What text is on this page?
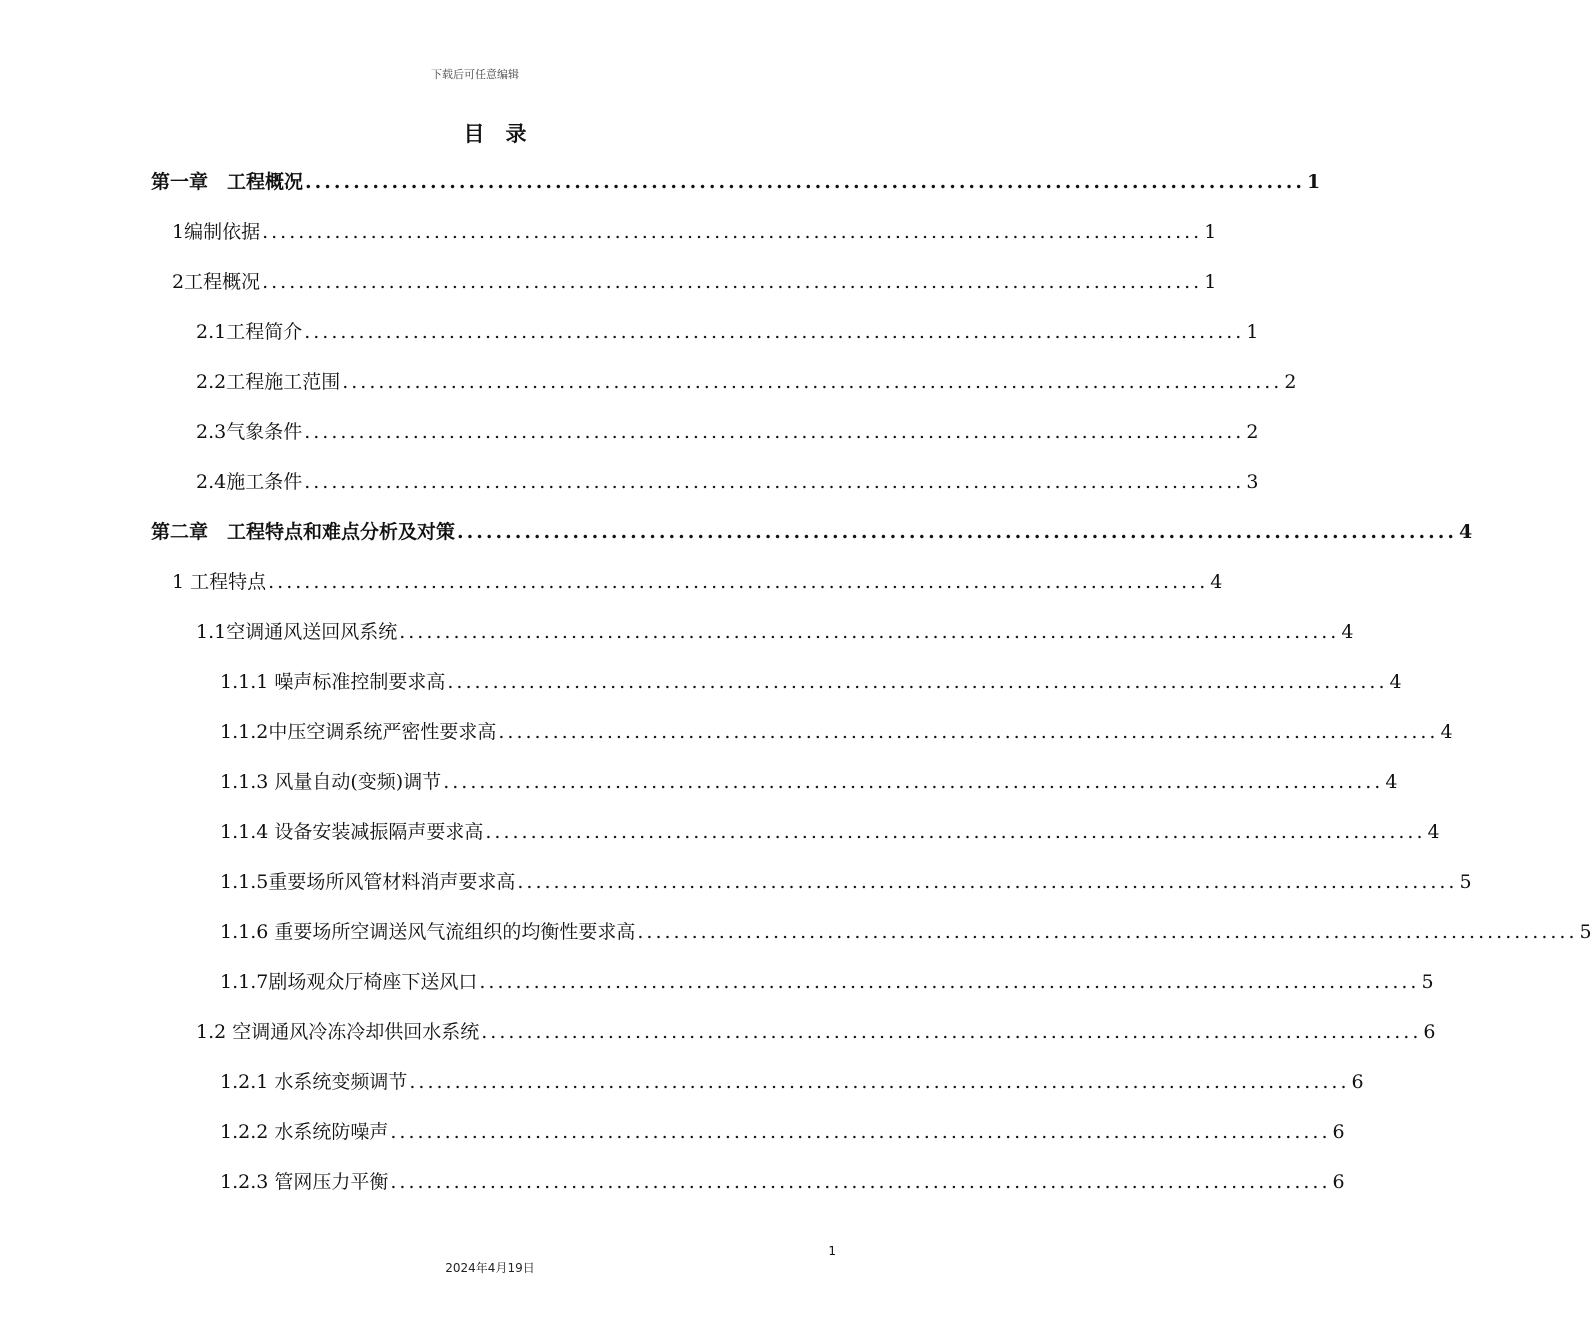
下载后可任意编辑
目　录
第一章　工程概况 ........................................................................................................ 1
1编制依据 ........................................................................................................ 1
2工程概况 ........................................................................................................ 1
2.1工程简介 ........................................................................................................ 1
2.2工程施工范围 ........................................................................................................ 2
2.3气象条件 ........................................................................................................ 2
2.4施工条件 ........................................................................................................ 3
第二章　工程特点和难点分析及对策 ........................................................................................................ 4
1 工程特点 ........................................................................................................ 4
1.1空调通风送回风系统 ........................................................................................................ 4
1.1.1 噪声标准控制要求高 ........................................................................................................ 4
1.1.2中压空调系统严密性要求高 ........................................................................................................ 4
1.1.3 风量自动(变频)调节 ........................................................................................................ 4
1.1.4 设备安装减振隔声要求高 ........................................................................................................ 4
1.1.5重要场所风管材料消声要求高 ........................................................................................................ 5
1.1.6 重要场所空调送风气流组织的均衡性要求高 ........................................................................................................ 5
1.1.7剧场观众厅椅座下送风口 ........................................................................................................ 5
1.2 空调通风冷冻冷却供回水系统 ........................................................................................................ 6
1.2.1 水系统变频调节 ........................................................................................................ 6
1.2.2 水系统防噪声 ........................................................................................................ 6
1.2.3 管网压力平衡 ........................................................................................................ 6
1
2024年4月19日
